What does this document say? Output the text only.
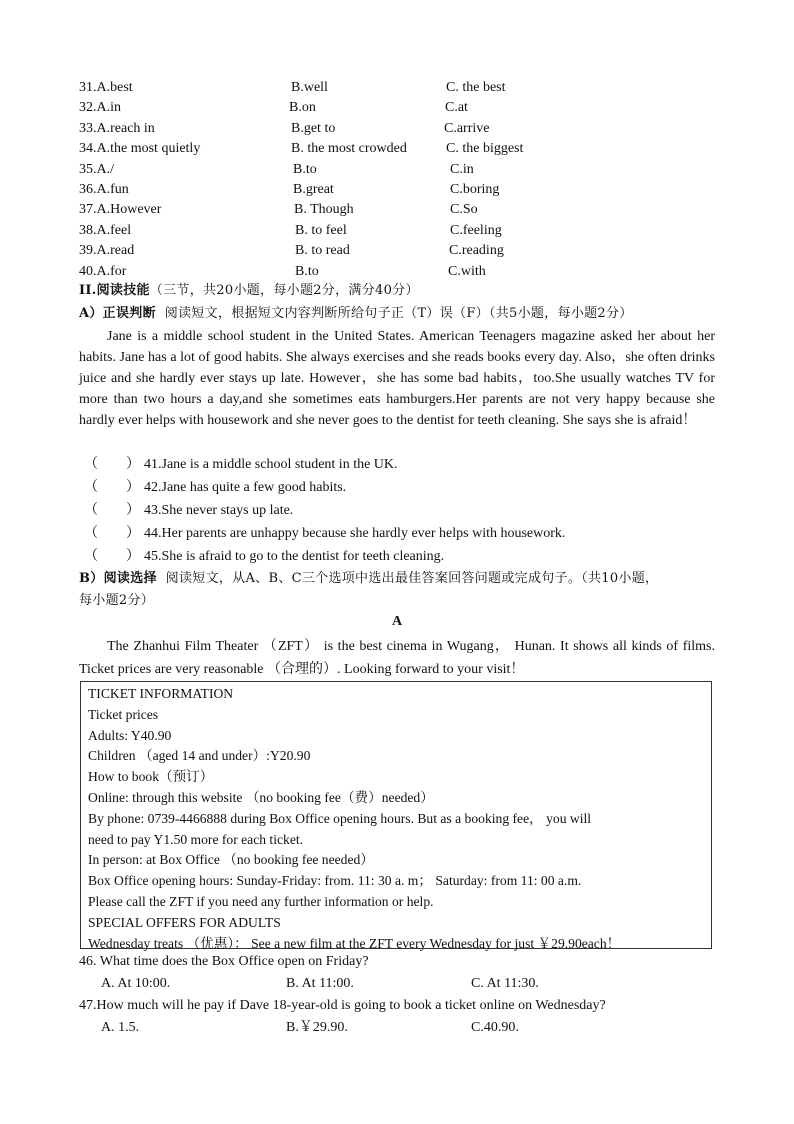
31.A.best	B.well	C. the best
32.A.in	B.on	C.at
33.A.reach in	B.get to	C.arrive
34.A.the most quietly	B. the most crowded	C. the biggest
35.A./	B.to	C.in
36.A.fun	B.great	C.boring
37.A.However	B. Though	C.So
38.A.feel	B. to feel	C.feeling
39.A.read	B. to read	C.reading
40.A.for	B.to	C.with
II.阅读技能（三节，共20小题，每小题2分，满分40分）
A）正误判断 阅读短文，根据短文内容判断所给句子正（T）误（F）（共5小题，每小题2分）

Jane is a middle school student in the United States. American Teenagers magazine asked her about her habits. Jane has a lot of good habits. She always exercises and she reads books every day. Also，she often drinks juice and she hardly ever stays up late. However，she has some bad habits，too.She usually watches TV for more than two hours a day,and she sometimes eats hamburgers.Her parents are not very happy because she hardly ever helps with housework and she never goes to the dentist for teeth cleaning. She says she is afraid！

（　　） 41.Jane is a middle school student in the UK.
（　　） 42.Jane has quite a few good habits.
（　　） 43.She never stays up late.
（　　） 44.Her parents are unhappy because she hardly ever helps with housework.
（　　） 45.She is afraid to go to the dentist for teeth cleaning.
B）阅读选择 阅读短文，从A、B、C三个选项中选出最佳答案回答问题或完成句子。（共10小题，
每小题2分）
A

The Zhanhui Film Theater （ZFT） is the best cinema in Wugang， Hunan. It shows all kinds of films. Ticket prices are very reasonable （合理的）. Looking forward to your visit！

TICKET INFORMATION
Ticket prices
Adults: Y40.90
Children （aged 14 and under）:Y20.90
How to book（预订）
Online: through this website （no booking fee（费）needed）
By phone: 0739-4466888 during Box Office opening hours. But as a booking fee， you will
need to pay Y1.50 more for each ticket.
In person: at Box Office （no booking fee needed）
Box Office opening hours: Sunday-Friday: from. 11: 30 a. m； Saturday: from 11: 00 a.m.
Please call the ZFT if you need any further information or help.
SPECIAL OFFERS FOR ADULTS
Wednesday treats （优惠）： See a new film at the ZFT every Wednesday for just ￥29.90each！
46. What time does the Box Office open on Friday?
A. At 10:00.	B. At 11:00.	C. At 11:30.
47.How much will he pay if Dave 18-year-old is going to book a ticket online on Wednesday?
A. 1.5.	B.￥29.90.	C.40.90.
